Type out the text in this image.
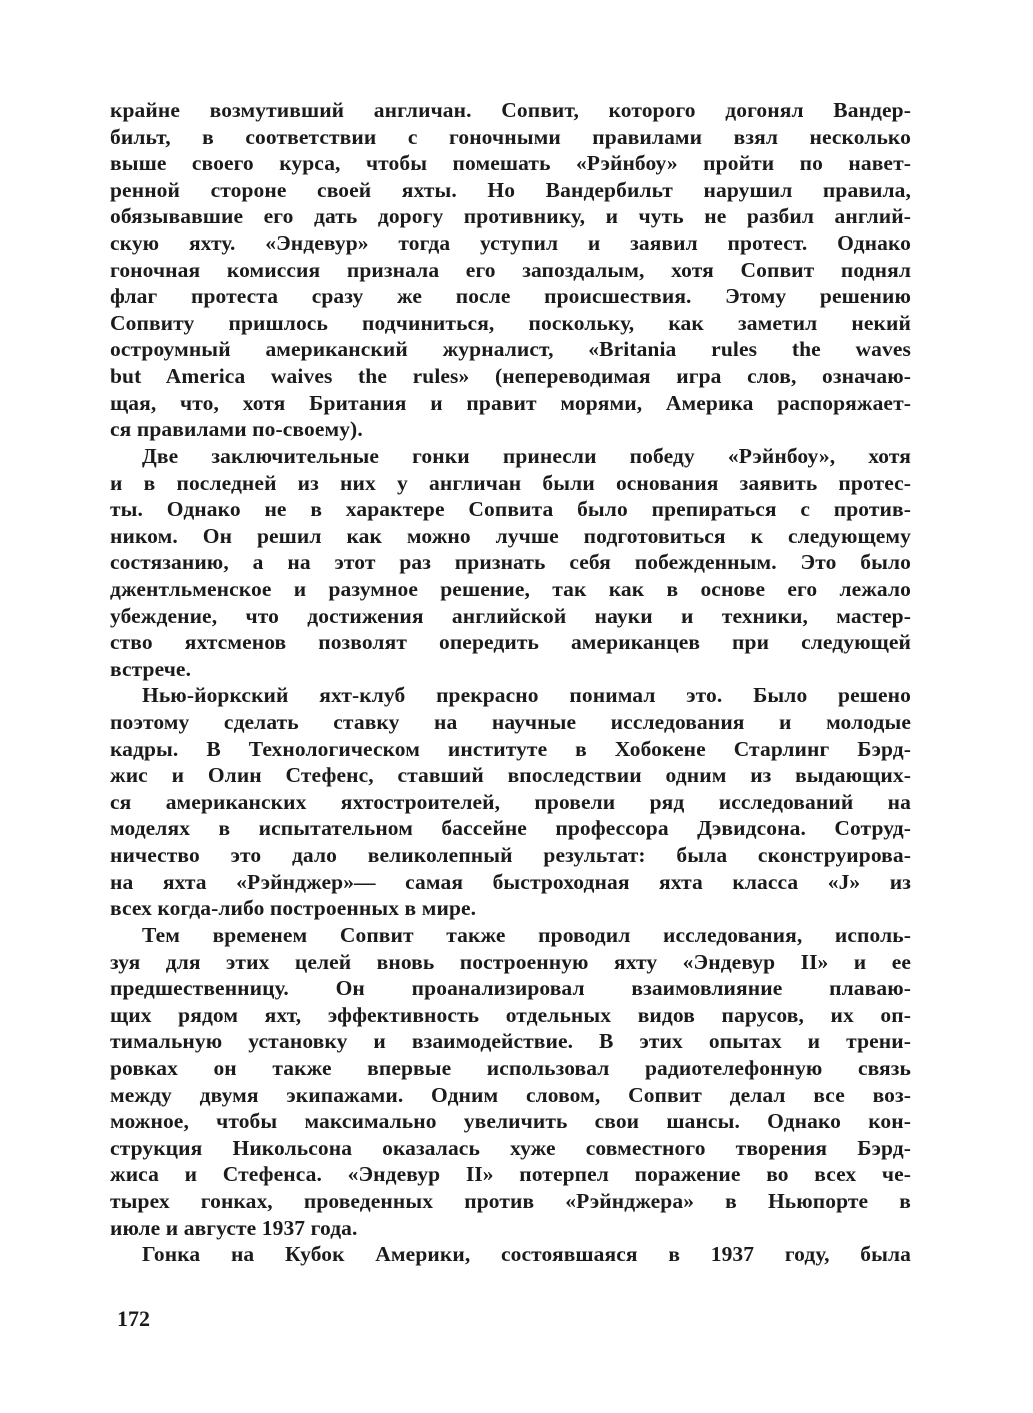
крайне возмутивший англичан. Сопвит, которого догонял Вандер-
бильт, в соответствии с гоночными правилами взял несколько
выше своего курса, чтобы помешать «Рэйнбоу» пройти по навет-
ренной стороне своей яхты. Но Вандербильт нарушил правила,
обязывавшие его дать дорогу противнику, и чуть не разбил англий-
скую яхту. «Эндевур» тогда уступил и заявил протест. Однако
гоночная комиссия признала его запоздалым, хотя Сопвит поднял
флаг протеста сразу же после происшествия. Этому решению
Сопвиту пришлось подчиниться, поскольку, как заметил некий
остроумный американский журналист, «Britania rules the waves
but America waives the rules» (непереводимая игра слов, означаю-
щая, что, хотя Британия и правит морями, Америка распоряжает-
ся правилами по-своему).
Две заключительные гонки принесли победу «Рэйнбоу», хотя
и в последней из них у англичан были основания заявить протес-
ты. Однако не в характере Сопвита было препираться с против-
ником. Он решил как можно лучше подготовиться к следующему
состязанию, а на этот раз признать себя побежденным. Это было
джентльменское и разумное решение, так как в основе его лежало
убеждение, что достижения английской науки и техники, мастер-
ство яхтсменов позволят опередить американцев при следующей
встрече.
Нью-йоркский яхт-клуб прекрасно понимал это. Было решено
поэтому сделать ставку на научные исследования и молодые
кадры. В Технологическом институте в Хобокене Старлинг Бэрд-
жис и Олин Стефенс, ставший впоследствии одним из выдающих-
ся американских яхтостроителей, провели ряд исследований на
моделях в испытательном бассейне профессора Дэвидсона. Сотруд-
ничество это дало великолепный результат: была сконструирова-
на яхта «Рэйнджер»— самая быстроходная яхта класса «J» из
всех когда-либо построенных в мире.
Тем временем Сопвит также проводил исследования, исполь-
зуя для этих целей вновь построенную яхту «Эндевур II» и ее
предшественницу. Он проанализировал взаимовлияние плаваю-
щих рядом яхт, эффективность отдельных видов парусов, их оп-
тимальную установку и взаимодействие. В этих опытах и трени-
ровках он также впервые использовал радиотелефонную связь
между двумя экипажами. Одним словом, Сопвит делал все воз-
можное, чтобы максимально увеличить свои шансы. Однако кон-
струкция Никольсона оказалась хуже совместного творения Бэрд-
жиса и Стефенса. «Эндевур II» потерпел поражение во всех че-
тырех гонках, проведенных против «Рэйнджера» в Ньюпорте в
июле и августе 1937 года.
Гонка на Кубок Америки, состоявшаяся в 1937 году, была
172
